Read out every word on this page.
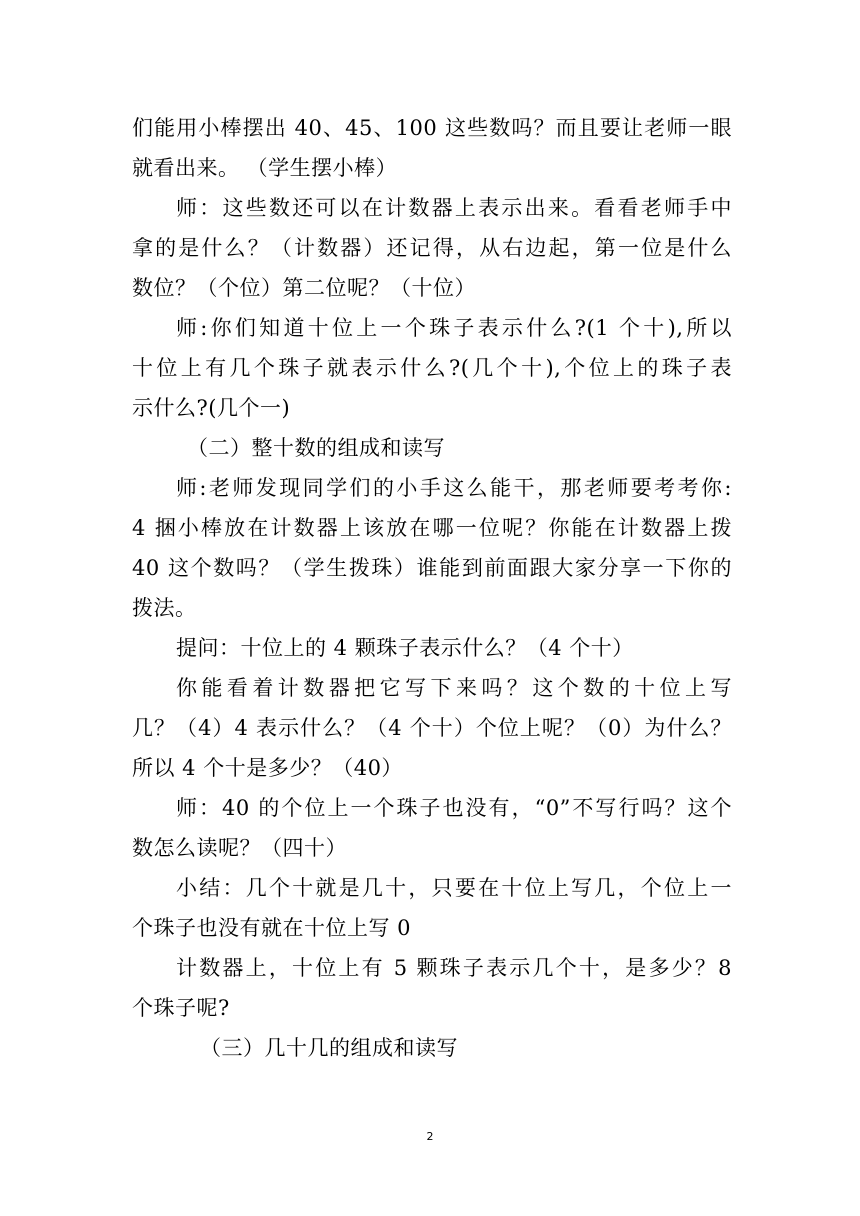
们能用小棒摆出 40、45、100 这些数吗？而且要让老师一眼
就看出来。 （学生摆小棒）
师：这些数还可以在计数器上表示出来。看看老师手中
拿的是什么？（计数器）还记得，从右边起，第一位是什么
数位？（个位）第二位呢？（十位）
师:你们知道十位上一个珠子表示什么?(1 个十),所以
十位上有几个珠子就表示什么?(几个十),个位上的珠子表
示什么?(几个一)
（二）整十数的组成和读写
师:老师发现同学们的小手这么能干，那老师要考考你:
4 捆小棒放在计数器上该放在哪一位呢？你能在计数器上拨
40 这个数吗？（学生拨珠）谁能到前面跟大家分享一下你的
拨法。
提问：十位上的 4 颗珠子表示什么？（4 个十）
你能看着计数器把它写下来吗？这个数的十位上写
几？（4）4 表示什么？（4 个十）个位上呢？（0）为什么？
所以 4 个十是多少？（40）
师：40 的个位上一个珠子也没有，“0”不写行吗？这个
数怎么读呢？（四十）
小结：几个十就是几十，只要在十位上写几，个位上一
个珠子也没有就在十位上写 0
计数器上，十位上有 5 颗珠子表示几个十，是多少？8
个珠子呢?
（三）几十几的组成和读写
2
